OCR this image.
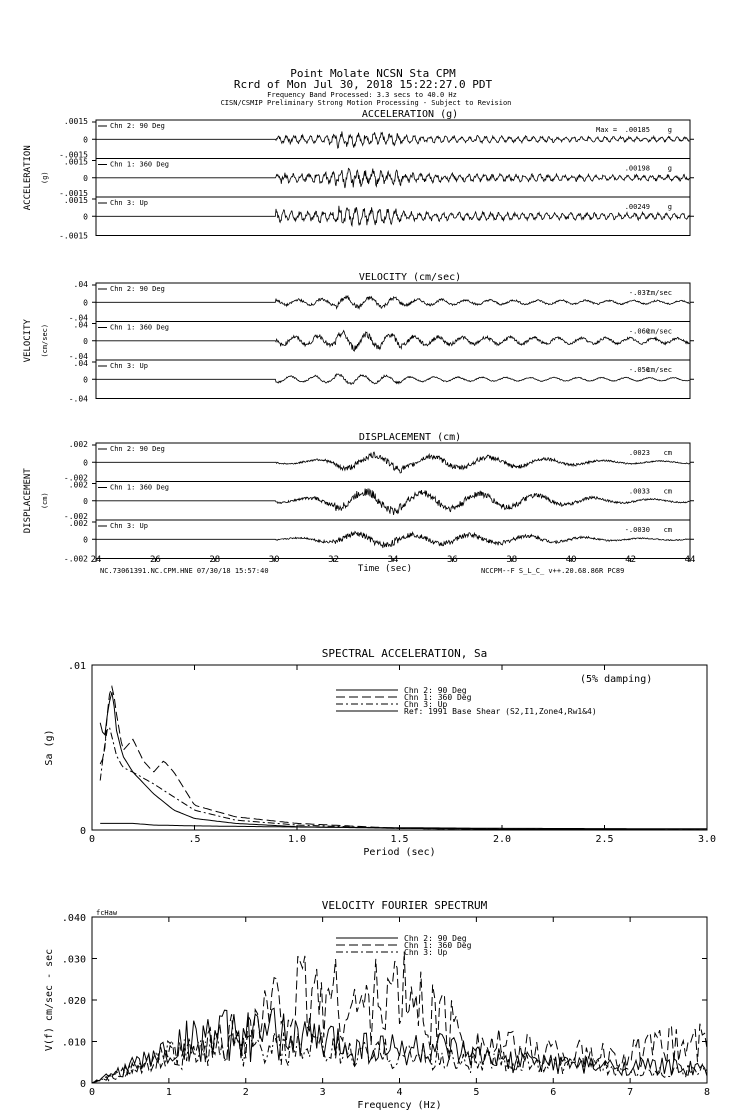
Point Molate NCSN Sta CPM
Rcrd of Mon Jul 30, 2018 15:22:27.0 PDT
Frequency Band Processed: 3.3 secs to 40.0 Hz
CISN/CSMIP Preliminary Strong Motion Processing - Subject to Revision
ACCELERATION (g)
ACCELERATION (g)
0
.0015	Chn 2: 90 Deg	.00185	g
Max =
0
-.0015
.0015	Chn 1: 360 Deg	.00198	g
0
-.0015
.0015
-.0015
Chn 3: Up	.00249	g
VELOCITY (cm/sec)
VELOCITY (cm/sec)
0
.04	Chn 2: 90 Deg	-.037
cm/sec
0
-.04
.04	Chn 1: 360 Deg	-.060
cm/sec
0
-.04
.04
-.04
Chn 3: Up	-.056
cm/sec
DISPLACEMENT (cm)
DISPLACEMENT (cm)
0
.002	Chn 2: 90 Deg	.0023 cm
0
-.002
.002	Chn 1: 360 Deg	.0033 cm
0
-.002
.002
-.002
Chn 3: Up	-.0030 cm
24	26	28	30	32	34	36	38	40	42	44
Time (sec)
NC.73061391.NC.CPM.HNE 07/30/18 15:57:40	NCCPM--F S_L_C_ v++.20.68.86R PC89
SPECTRAL ACCELERATION, Sa
Period (sec)
Sa (g)
0	.5	1.0	1.5	2.0	2.5	3.0
0
.01
Chn 2: 90 Deg
Chn 1: 360 Deg
Chn 3: Up
Ref: 1991 Base Shear (S2,I1,Zone4,Rw1&4)
(5% damping)
VELOCITY FOURIER SPECTRUM
Frequency (Hz)
V(f) cm/sec - sec
0	1	2	3	4	5	6	7	8
0
.010
.020
.030
.040
Chn 2: 90 Deg
Chn 1: 360 Deg
Chn 3: Up
fcHaw
